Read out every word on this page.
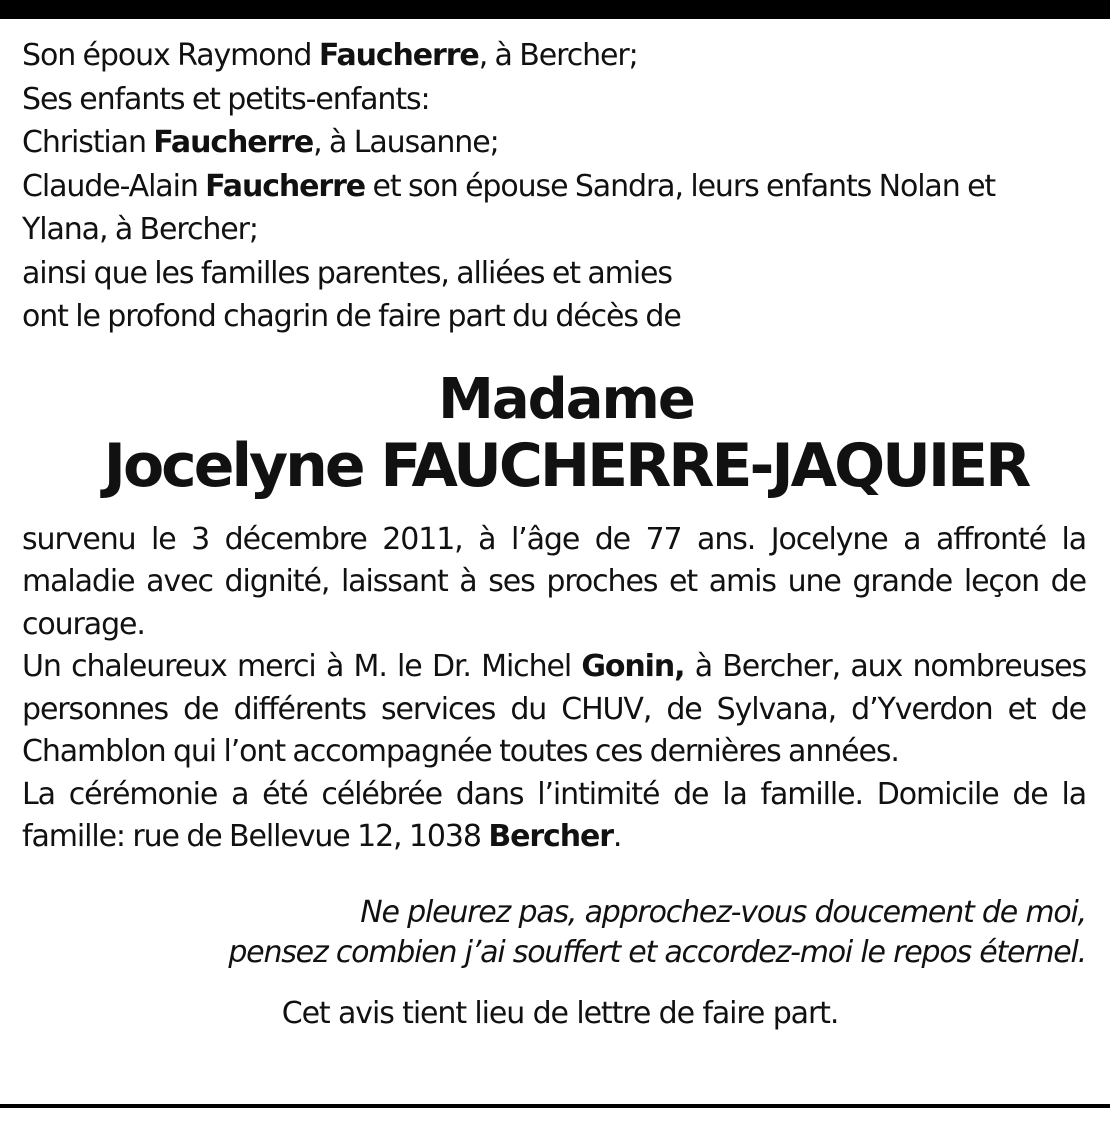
Son époux Raymond Faucherre, à Bercher;
Ses enfants et petits-enfants:
Christian Faucherre, à Lausanne;
Claude-Alain Faucherre et son épouse Sandra, leurs enfants Nolan et
Ylana, à Bercher;
ainsi que les familles parentes, alliées et amies
ont le profond chagrin de faire part du décès de
Madame
Jocelyne FAUCHERRE-JAQUIER

survenu le 3 décembre 2011, à l’âge de 77 ans. Jocelyne a affronté la maladie avec dignité, laissant à ses proches et amis une grande leçon de courage.

Un chaleureux merci à M. le Dr. Michel Gonin, à Bercher, aux nombreuses personnes de différents services du CHUV, de Sylvana, d’Yverdon et de Chamblon qui l’ont accompagnée toutes ces dernières années.

La cérémonie a été célébrée dans l’intimité de la famille. Domicile de la famille: rue de Bellevue 12, 1038 Bercher.

Ne pleurez pas, approchez-vous doucement de moi,
pensez combien j’ai souffert et accordez-moi le repos éternel.
Cet avis tient lieu de lettre de faire part.
